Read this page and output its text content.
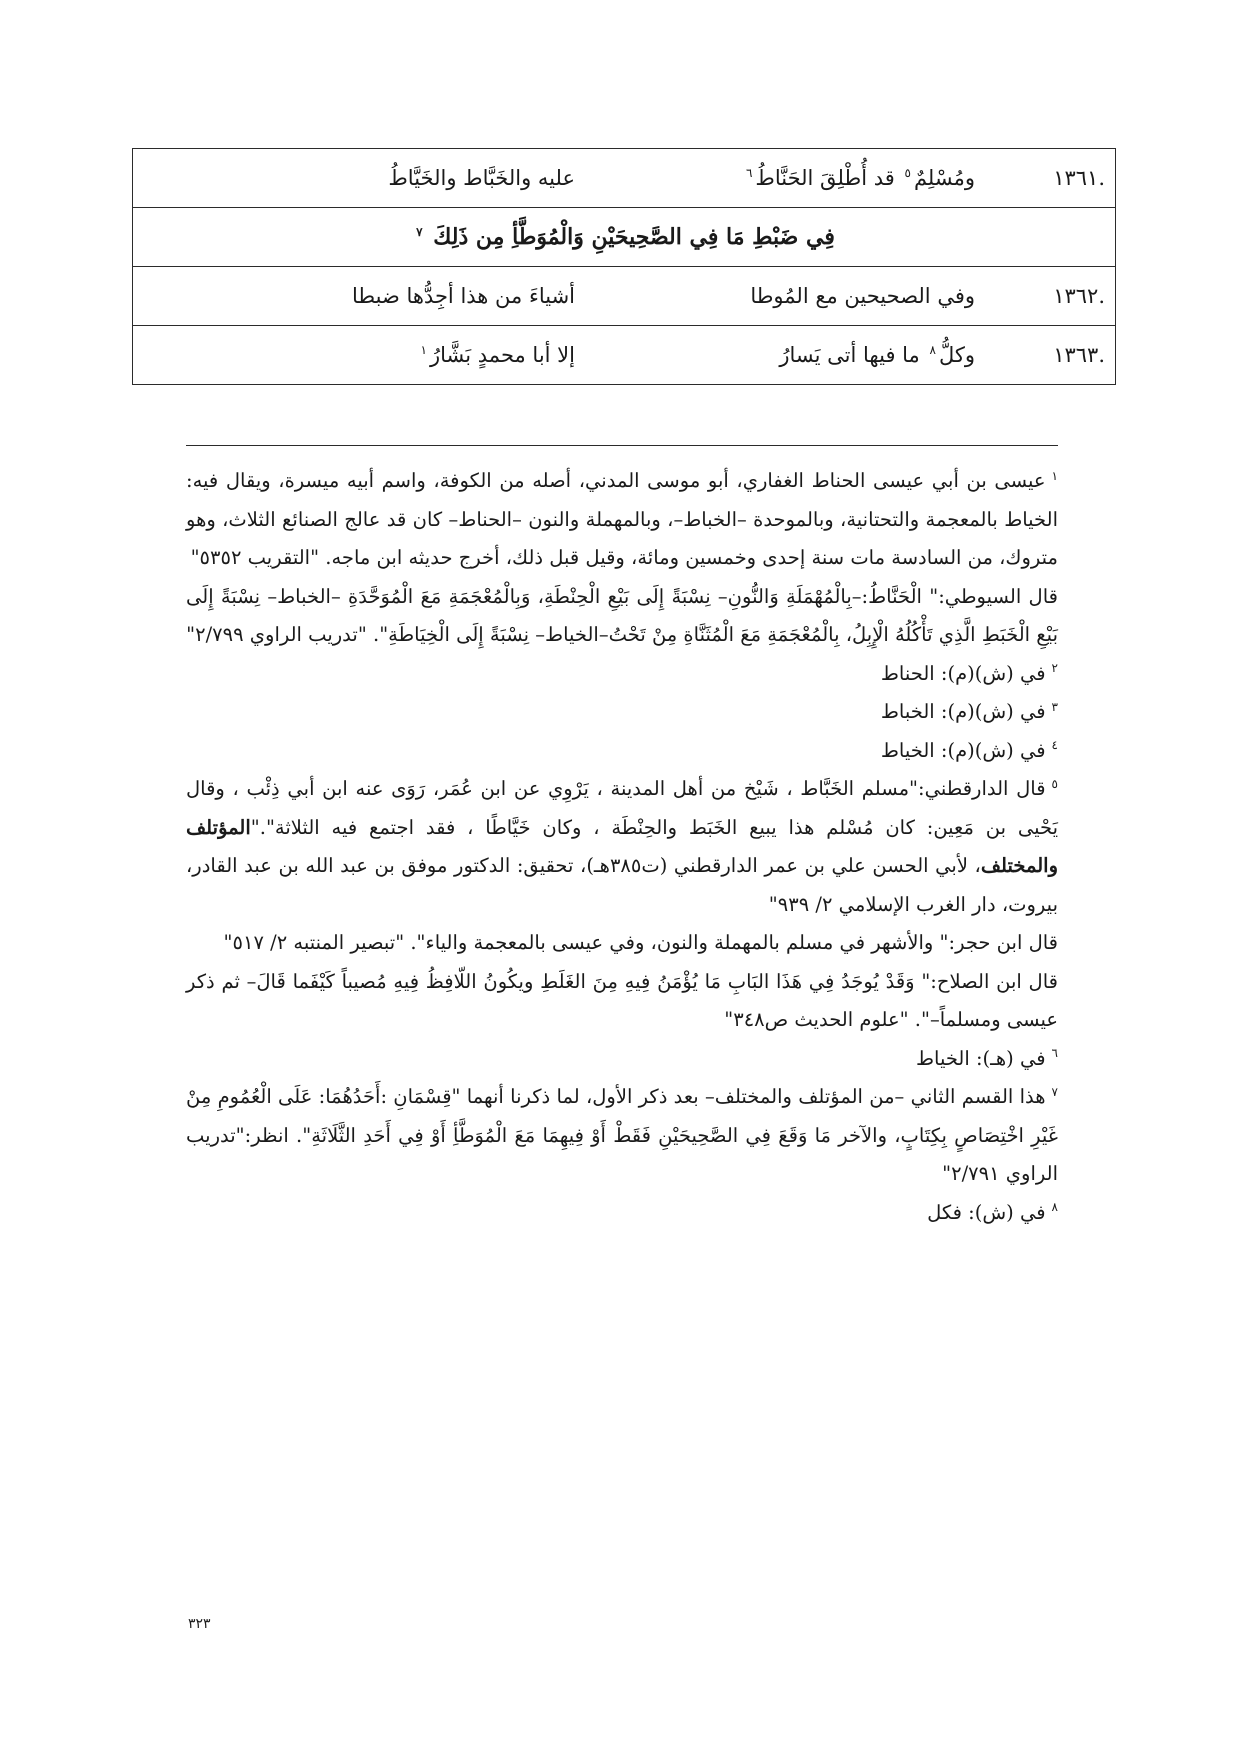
.١٣٦١	ومُسْلِمٌ$^٥$ قد أُطْلِقَ الحَنَّاطُ$^٦$	عليه والخَبَّاط والخَيَّاطُ
فِي ضَبْطِ مَا فِي الصَّحِيحَيْنِ وَالْمُوَطَّأِ مِن ذَلِكَ $^٧$
.١٣٦٢	وفي الصحيحين مع المُوطا	أشياءَ من هذا أجِدُّها ضبطا
.١٣٦٣	وكلُّ$^٨$ ما فيها أتى يَسارُ	إلا أبا محمدٍ بَشَّارُ$^١$

$^١$عيسى بن أبي عيسى الحناط الغفاري، أبو موسى المدني، أصله من الكوفة، واسم أبيه ميسرة، ويقال فيه: الخياط بالمعجمة والتحتانية، وبالموحدة –الخباط–، وبالمهملة والنون –الحناط– كان قد عالج الصنائع الثلاث، وهو متروك، من السادسة مات سنة إحدى وخمسين ومائة، وقيل قبل ذلك، أخرج حديثه ابن ماجه. "التقريب ٥٣٥٢"

قال السيوطي:" الْحَنَّاطُ:–بِالْمُهْمَلَةِ وَالنُّونِ– نِسْبَةً إِلَى بَيْعِ الْحِنْطَةِ، وَبِالْمُعْجَمَةِ مَعَ الْمُوَحَّدَةِ –الخباط– نِسْبَةً إِلَى بَيْعِ الْخَبَطِ الَّذِي تَأْكُلُهُ الْإِبِلُ، بِالْمُعْجَمَةِ مَعَ الْمُثَنَّاةِ مِنْ تَحْتُ–الخياط– نِسْبَةً إِلَى الْخِيَاطَةِ". "تدريب الراوي ٢/٧٩٩"

$^٢$في (ش)(م): الحناط

$^٣$في (ش)(م): الخباط

$^٤$في (ش)(م): الخياط

$^٥$قال الدارقطني:"مسلم الخَبَّاط ، شَيْخ من أهل المدينة ، يَرْوِي عن ابن عُمَر، رَوَى عنه ابن أبي ذِئْب ، وقال يَحْيى بن مَعِين: كان مُسْلم هذا يبيع الخَبَط والحِنْطَة ، وكان خَيَّاطًا ، فقد اجتمع فيه الثلاثة"."المؤتلف والمختلف، لأبي الحسن علي بن عمر الدارقطني (ت٣٨٥هـ)، تحقيق: الدكتور موفق بن عبد الله بن عبد القادر، بيروت، دار الغرب الإسلامي ٢/ ٩٣٩"

قال ابن حجر:" والأشهر في مسلم بالمهملة والنون، وفي عيسى بالمعجمة والياء". "تبصير المنتبه ٢/ ٥١٧"

قال ابن الصلاح:" وَقَدْ يُوجَدُ فِي هَذَا البَابِ مَا يُؤْمَنُ فِيهِ مِنَ الغَلَطِ ويكُونُ اللّافِظُ فِيهِ مُصيباً كَيْفَما قَالَ– ثم ذكر عيسى ومسلماً–". "علوم الحديث ص٣٤٨"

$^٦$في (هـ): الخياط

$^٧$هذا القسم الثاني –من المؤتلف والمختلف– بعد ذكر الأول، لما ذكرنا أنهما "قِسْمَانِ :أَحَدُهُمَا: عَلَى الْعُمُومِ مِنْ غَيْرِ اخْتِصَاصٍ بِكِتَابٍ، والآخر مَا وَقَعَ فِي الصَّحِيحَيْنِ فَقَطْ أَوْ فِيهِمَا مَعَ الْمُوَطَّأِ أَوْ فِي أَحَدِ الثَّلَاثَةِ". انظر:"تدريب الراوي ٢/٧٩١"

$^٨$في (ش): فكل

٣٢٣
